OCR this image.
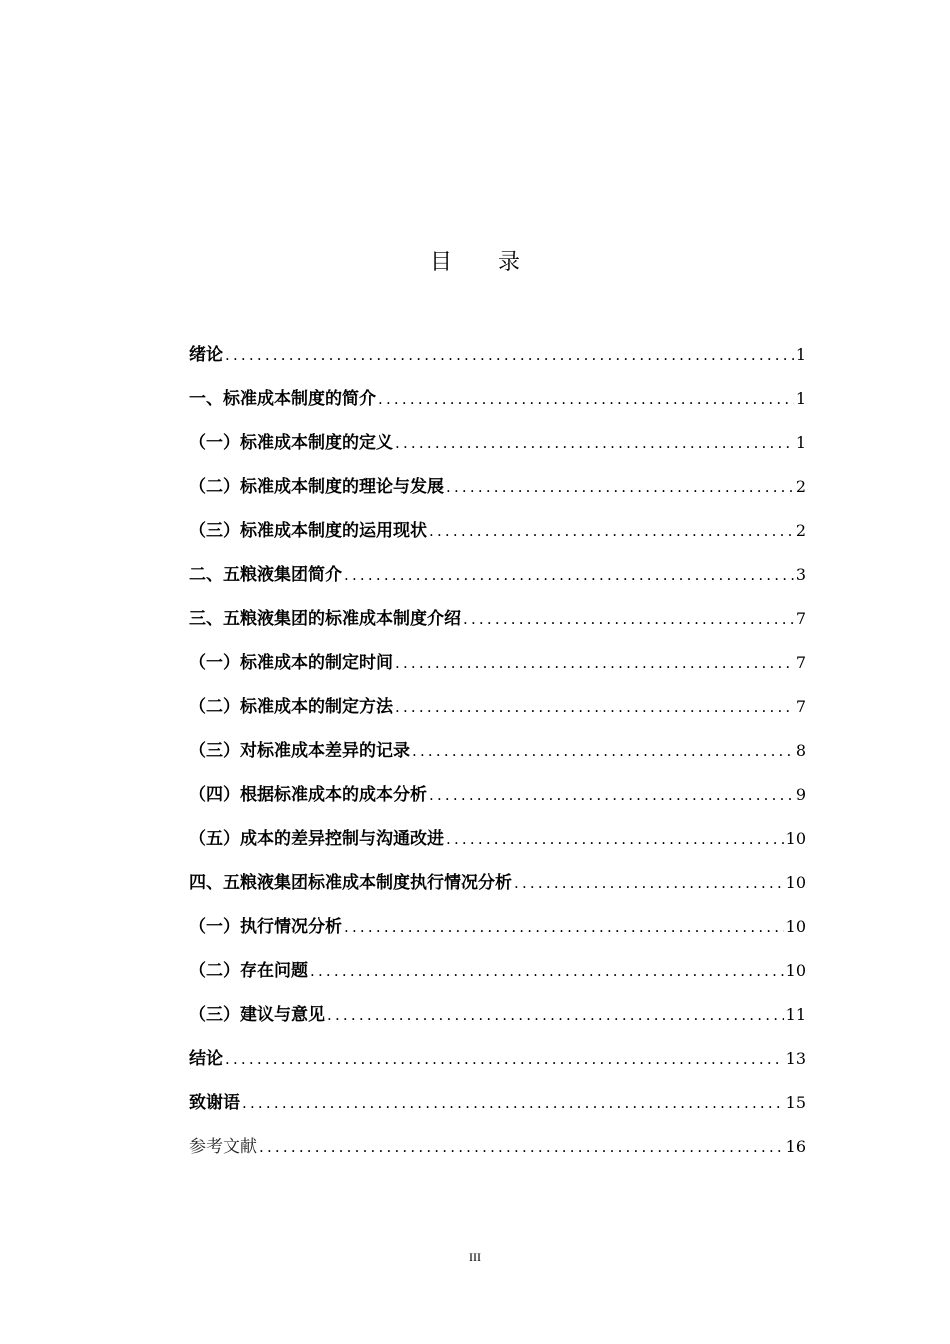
目 录
绪论 .....	1
一、标准成本制度的简介 .....	1
（一）标准成本制度的定义 .....	1
（二）标准成本制度的理论与发展 .....	2
（三）标准成本制度的运用现状 .....	2
二、五粮液集团简介 .....	3
三、五粮液集团的标准成本制度介绍 .....	7
（一）标准成本的制定时间 .....	7
（二）标准成本的制定方法 .....	7
（三）对标准成本差异的记录 .....	8
（四）根据标准成本的成本分析 .....	9
（五）成本的差异控制与沟通改进 .....	10
四、五粮液集团标准成本制度执行情况分析 .....	10
（一）执行情况分析 .....	10
（二）存在问题 .....	10
（三）建议与意见 .....	11
结论 .....	13
致谢语 .....	15
参考文献 .....	16
III
